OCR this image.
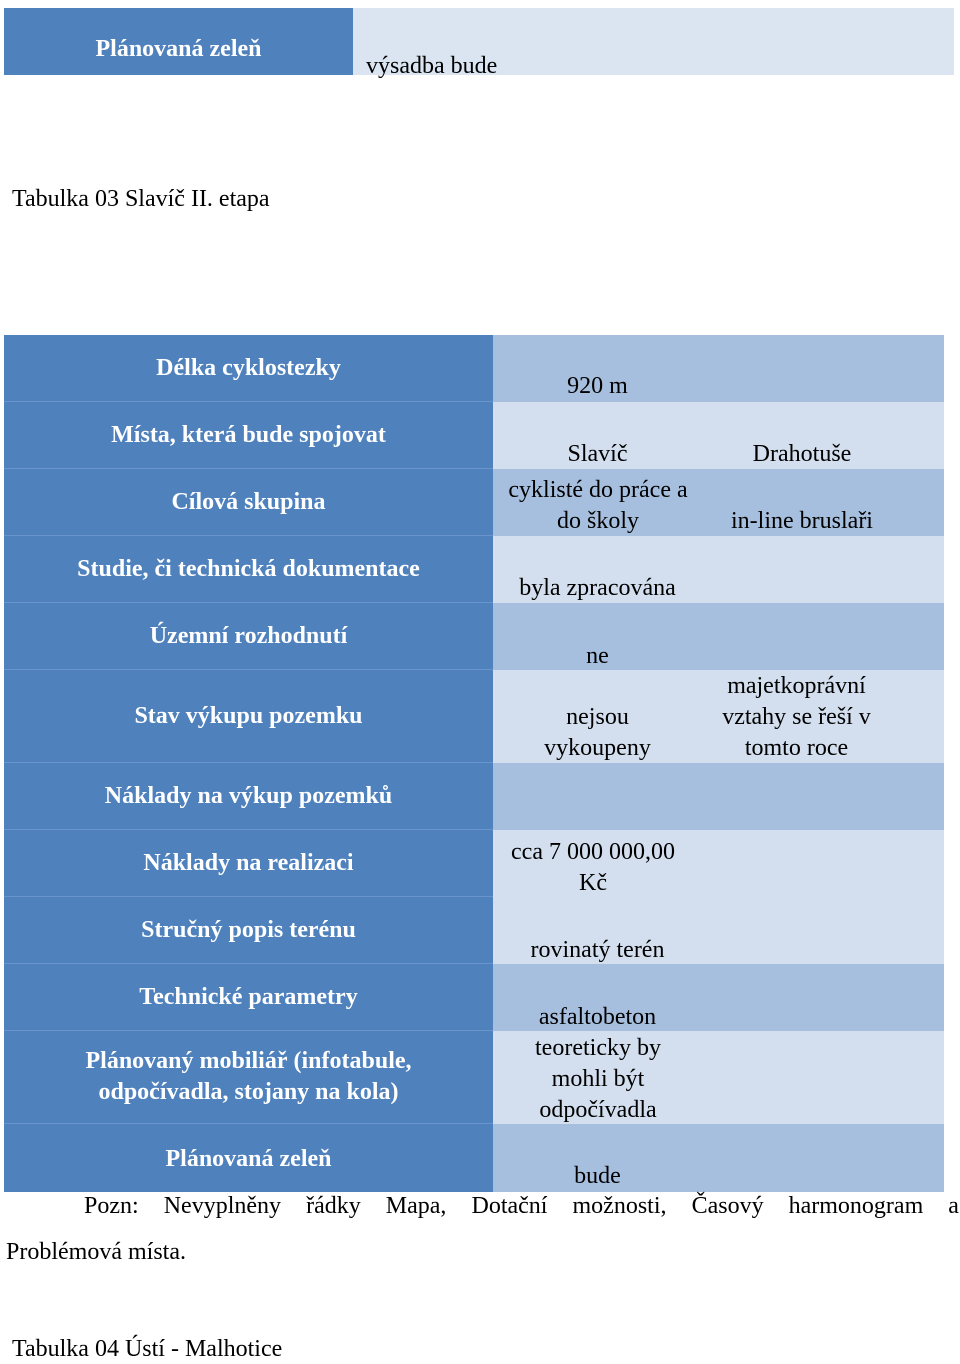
Plánovaná zeleň
výsadba bude
Tabulka 03 Slavíč II. etapa
Délka cyklostezky
Místa, která bude spojovat
Cílová skupina
Studie, či technická dokumentace
Územní rozhodnutí
Stav výkupu pozemku
Náklady na výkup pozemků
Náklady na realizaci
Stručný popis terénu
Technické parametry
Plánovaný mobiliář (infotabule, odpočívadla, stojany na kola)
Plánovaná zeleň
920 m
Slavíč	Drahotuše
cyklisté do práce a do školy	in-line bruslaři
byla zpracována
ne
nejsou vykoupeny
majetkoprávní vztahy se řeší v tomto roce
cca 7 000 000,00 Kč
rovinatý terén
asfaltobeton
teoreticky by mohli být odpočívadla
bude
Pozn: Nevyplněny řádky Mapa, Dotační možnosti, Časový harmonogram a
Problémová místa.
Tabulka 04 Ústí - Malhotice
